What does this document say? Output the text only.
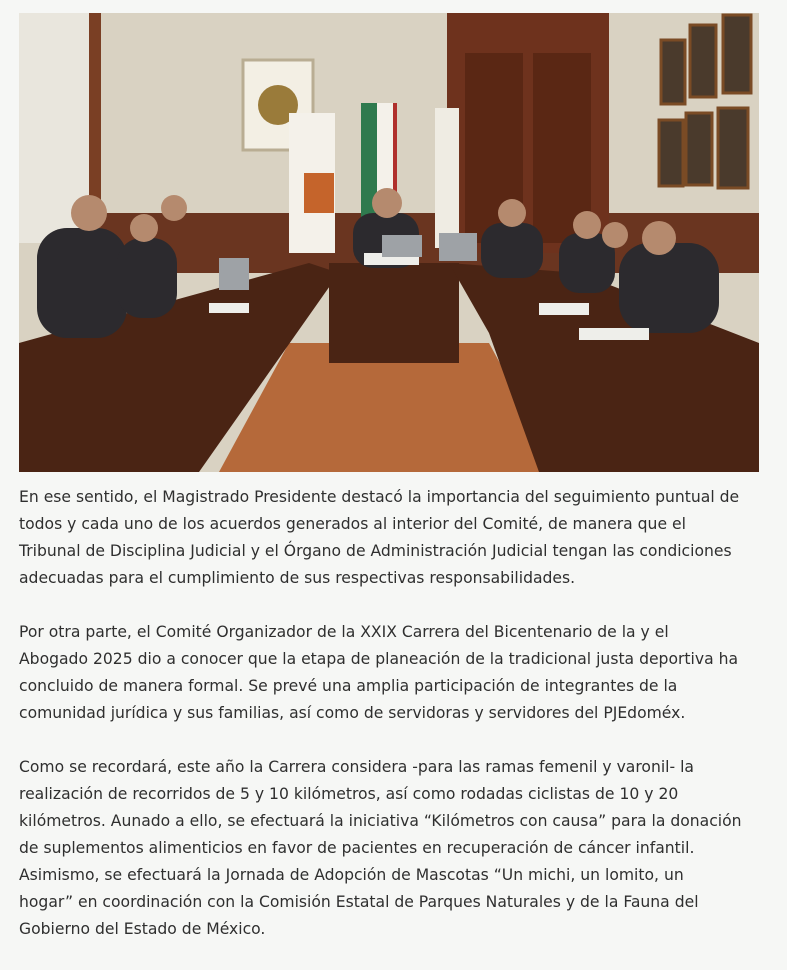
En ese sentido, el Magistrado Presidente destacó la importancia del seguimiento puntual de
todos y cada uno de los acuerdos generados al interior del Comité, de manera que el
Tribunal de Disciplina Judicial y el Órgano de Administración Judicial tengan las condiciones
adecuadas para el cumplimiento de sus respectivas responsabilidades.

Por otra parte, el Comité Organizador de la XXIX Carrera del Bicentenario de la y el
Abogado 2025 dio a conocer que la etapa de planeación de la tradicional justa deportiva ha
concluido de manera formal. Se prevé una amplia participación de integrantes de la
comunidad jurídica y sus familias, así como de servidoras y servidores del PJEdoméx.

Como se recordará, este año la Carrera considera -para las ramas femenil y varonil- la
realización de recorridos de 5 y 10 kilómetros, así como rodadas ciclistas de 10 y 20
kilómetros. Aunado a ello, se efectuará la iniciativa “Kilómetros con causa” para la donación
de suplementos alimenticios en favor de pacientes en recuperación de cáncer infantil.
Asimismo, se efectuará la Jornada de Adopción de Mascotas “Un michi, un lomito, un
hogar” en coordinación con la Comisión Estatal de Parques Naturales y de la Fauna del
Gobierno del Estado de México.
